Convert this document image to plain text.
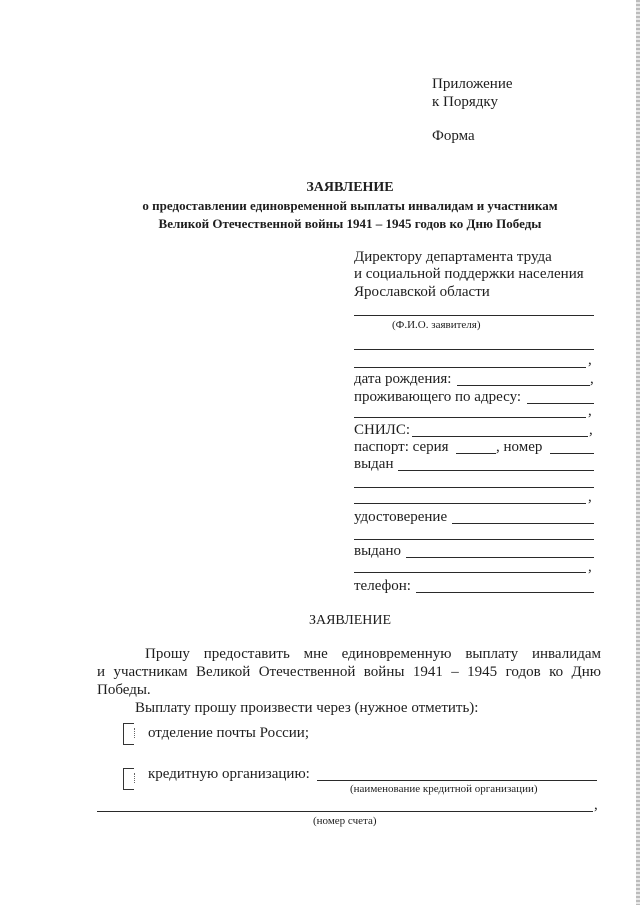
Приложение
к Порядку
Форма
ЗАЯВЛЕНИЕ
о предоставлении единовременной выплаты инвалидам и участникам
Великой Отечественной войны 1941 – 1945 годов ко Дню Победы
Директору департамента труда
и социальной поддержки населения
Ярославской области
(Ф.И.О. заявителя)
,
дата рождения:	,
проживающего по адресу:
,
СНИЛС:	,
паспорт: серия	, номер
выдан
,
удостоверение
выдано
,
телефон:
ЗАЯВЛЕНИЕ
Прошу предоставить мне единовременную выплату инвалидам
и участникам Великой Отечественной войны 1941 – 1945 годов ко Дню
Победы.
Выплату прошу произвести через (нужное отметить):
отделение почты России;
кредитную организацию:
(наименование кредитной организации)
,
(номер счета)
